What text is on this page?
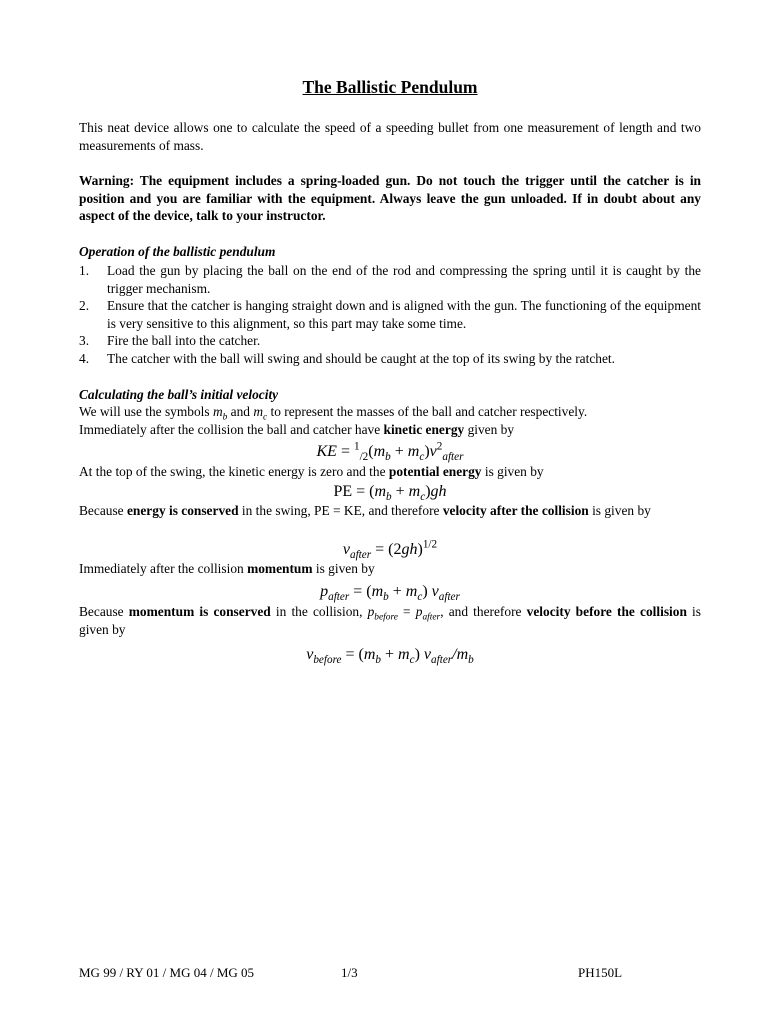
The Ballistic Pendulum
This neat device allows one to calculate the speed of a speeding bullet from one measurement of length and two measurements of mass.
Warning: The equipment includes a spring-loaded gun. Do not touch the trigger until the catcher is in position and you are familiar with the equipment. Always leave the gun unloaded. If in doubt about any aspect of the device, talk to your instructor.
Operation of the ballistic pendulum
1. Load the gun by placing the ball on the end of the rod and compressing the spring until it is caught by the trigger mechanism.
2. Ensure that the catcher is hanging straight down and is aligned with the gun. The functioning of the equipment is very sensitive to this alignment, so this part may take some time.
3. Fire the ball into the catcher.
4. The catcher with the ball will swing and should be caught at the top of its swing by the ratchet.
Calculating the ball’s initial velocity
We will use the symbols $m_b$ and $m_c$ to represent the masses of the ball and catcher respectively.
Immediately after the collision the ball and catcher have kinetic energy given by
KE = $^1_{/2}(m_b + m_c)v^2_{after}$
At the top of the swing, the kinetic energy is zero and the potential energy is given by
PE = $(m_b + m_c)gh$
Because energy is conserved in the swing, PE = KE, and therefore velocity after the collision is given by
$v_{after} = (2gh)^{1/2}$
Immediately after the collision momentum is given by
$p_{after} = (m_b + m_c)$ $v_{after}$
Because momentum is conserved in the collision, $p_{before} = p_{after}$, and therefore velocity before the collision is given by
$v_{before} = (m_b + m_c)$ $v_{after}/m_b$
MG 99 / RY 01 / MG 04 / MG 05	1/3	PH150L
